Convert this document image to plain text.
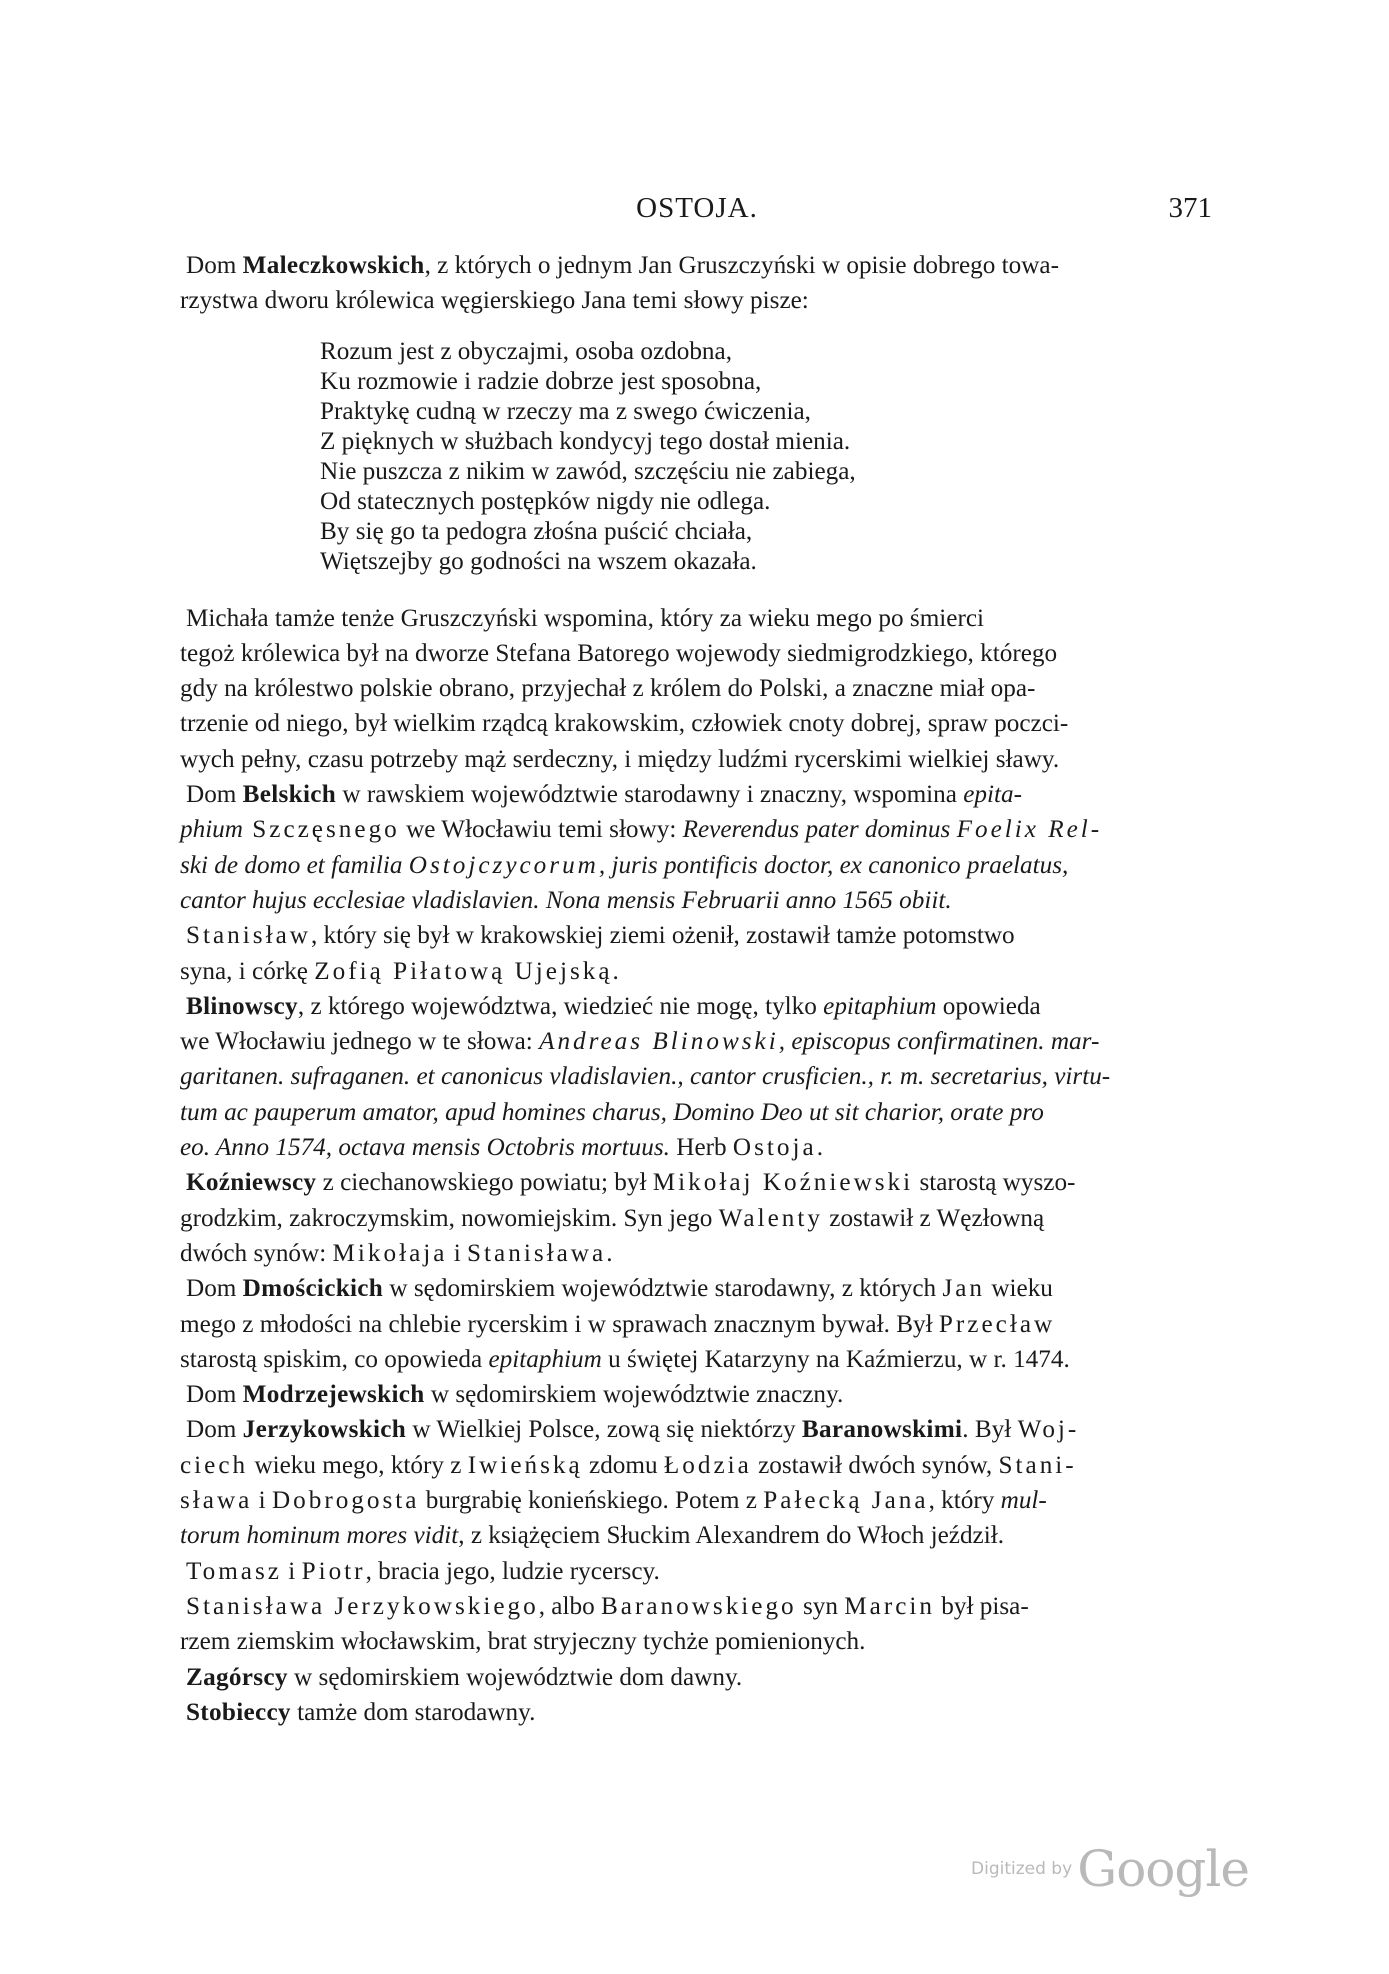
OSTOJA.	371

Dom Maleczkowskich, z których o jednym Jan Gruszczyński w opisie dobrego towa-
rzystwa dworu królewica węgierskiego Jana temi słowy pisze:

Rozum jest z obyczajmi, osoba ozdobna,
Ku rozmowie i radzie dobrze jest sposobna,
Praktykę cudną w rzeczy ma z swego ćwiczenia,
Z pięknych w służbach kondycyj tego dostał mienia.
Nie puszcza z nikim w zawód, szczęściu nie zabiega,
Od statecznych postępków nigdy nie odlega.
By się go ta pedogra złośna puścić chciała,
Więtszejby go godności na wszem okazała.

Michała tamże tenże Gruszczyński wspomina, który za wieku mego po śmierci
tegoż królewica był na dworze Stefana Batorego wojewody siedmigrodzkiego, którego
gdy na królestwo polskie obrano, przyjechał z królem do Polski, a znaczne miał opa-
trzenie od niego, był wielkim rządcą krakowskim, człowiek cnoty dobrej, spraw poczci-
wych pełny, czasu potrzeby mąż serdeczny, i między ludźmi rycerskimi wielkiej sławy.

Dom Belskich w rawskiem województwie starodawny i znaczny, wspomina epita-
phium Szczęsnego we Włocławiu temi słowy: Reverendus pater dominus Foelix Rel-
ski de domo et familia Ostojczycorum, juris pontificis doctor, ex canonico praelatus,
cantor hujus ecclesiae vladislavien. Nona mensis Februarii anno 1565 obiit.

Stanisław, który się był w krakowskiej ziemi ożenił, zostawił tamże potomstwo
syna, i córkę Zofią Piłatową Ujejską.

Blinowscy, z którego województwa, wiedzieć nie mogę, tylko epitaphium opowieda
we Włocławiu jednego w te słowa: Andreas Blinowski, episcopus confirmatinen. mar-
garitanen. sufraganen. et canonicus vladislavien., cantor crusficien., r. m. secretarius, virtu-
tum ac pauperum amator, apud homines charus, Domino Deo ut sit charior, orate pro
eo. Anno 1574, octava mensis Octobris mortuus. Herb Ostoja.

Koźniewscy z ciechanowskiego powiatu; był Mikołaj Koźniewski starostą wyszo-
grodzkim, zakroczymskim, nowomiejskim. Syn jego Walenty zostawił z Węzłowną
dwóch synów: Mikołaja i Stanisława.

Dom Dmościckich w sędomirskiem województwie starodawny, z których Jan wieku
mego z młodości na chlebie rycerskim i w sprawach znacznym bywał. Był Przecław
starostą spiskim, co opowieda epitaphium u świętej Katarzyny na Kaźmierzu, w r. 1474.

Dom Modrzejewskich w sędomirskiem województwie znaczny.

Dom Jerzykowskich w Wielkiej Polsce, zową się niektórzy Baranowskimi. Był Woj-
ciech wieku mego, który z Iwieńską zdomu Łodzia zostawił dwóch synów, Stani-
sława i Dobrogosta burgrabię konieńskiego. Potem z Pałecką Jana, który mul-
torum hominum mores vidit, z książęciem Słuckim Alexandrem do Włoch jeździł.

Tomasz i Piotr, bracia jego, ludzie rycerscy.

Stanisława Jerzykowskiego, albo Baranowskiego syn Marcin był pisa-
rzem ziemskim włocławskim, brat stryjeczny tychże pomienionych.

Zagórscy w sędomirskiem województwie dom dawny.

Stobieccy tamże dom starodawny.

Digitized by Google
